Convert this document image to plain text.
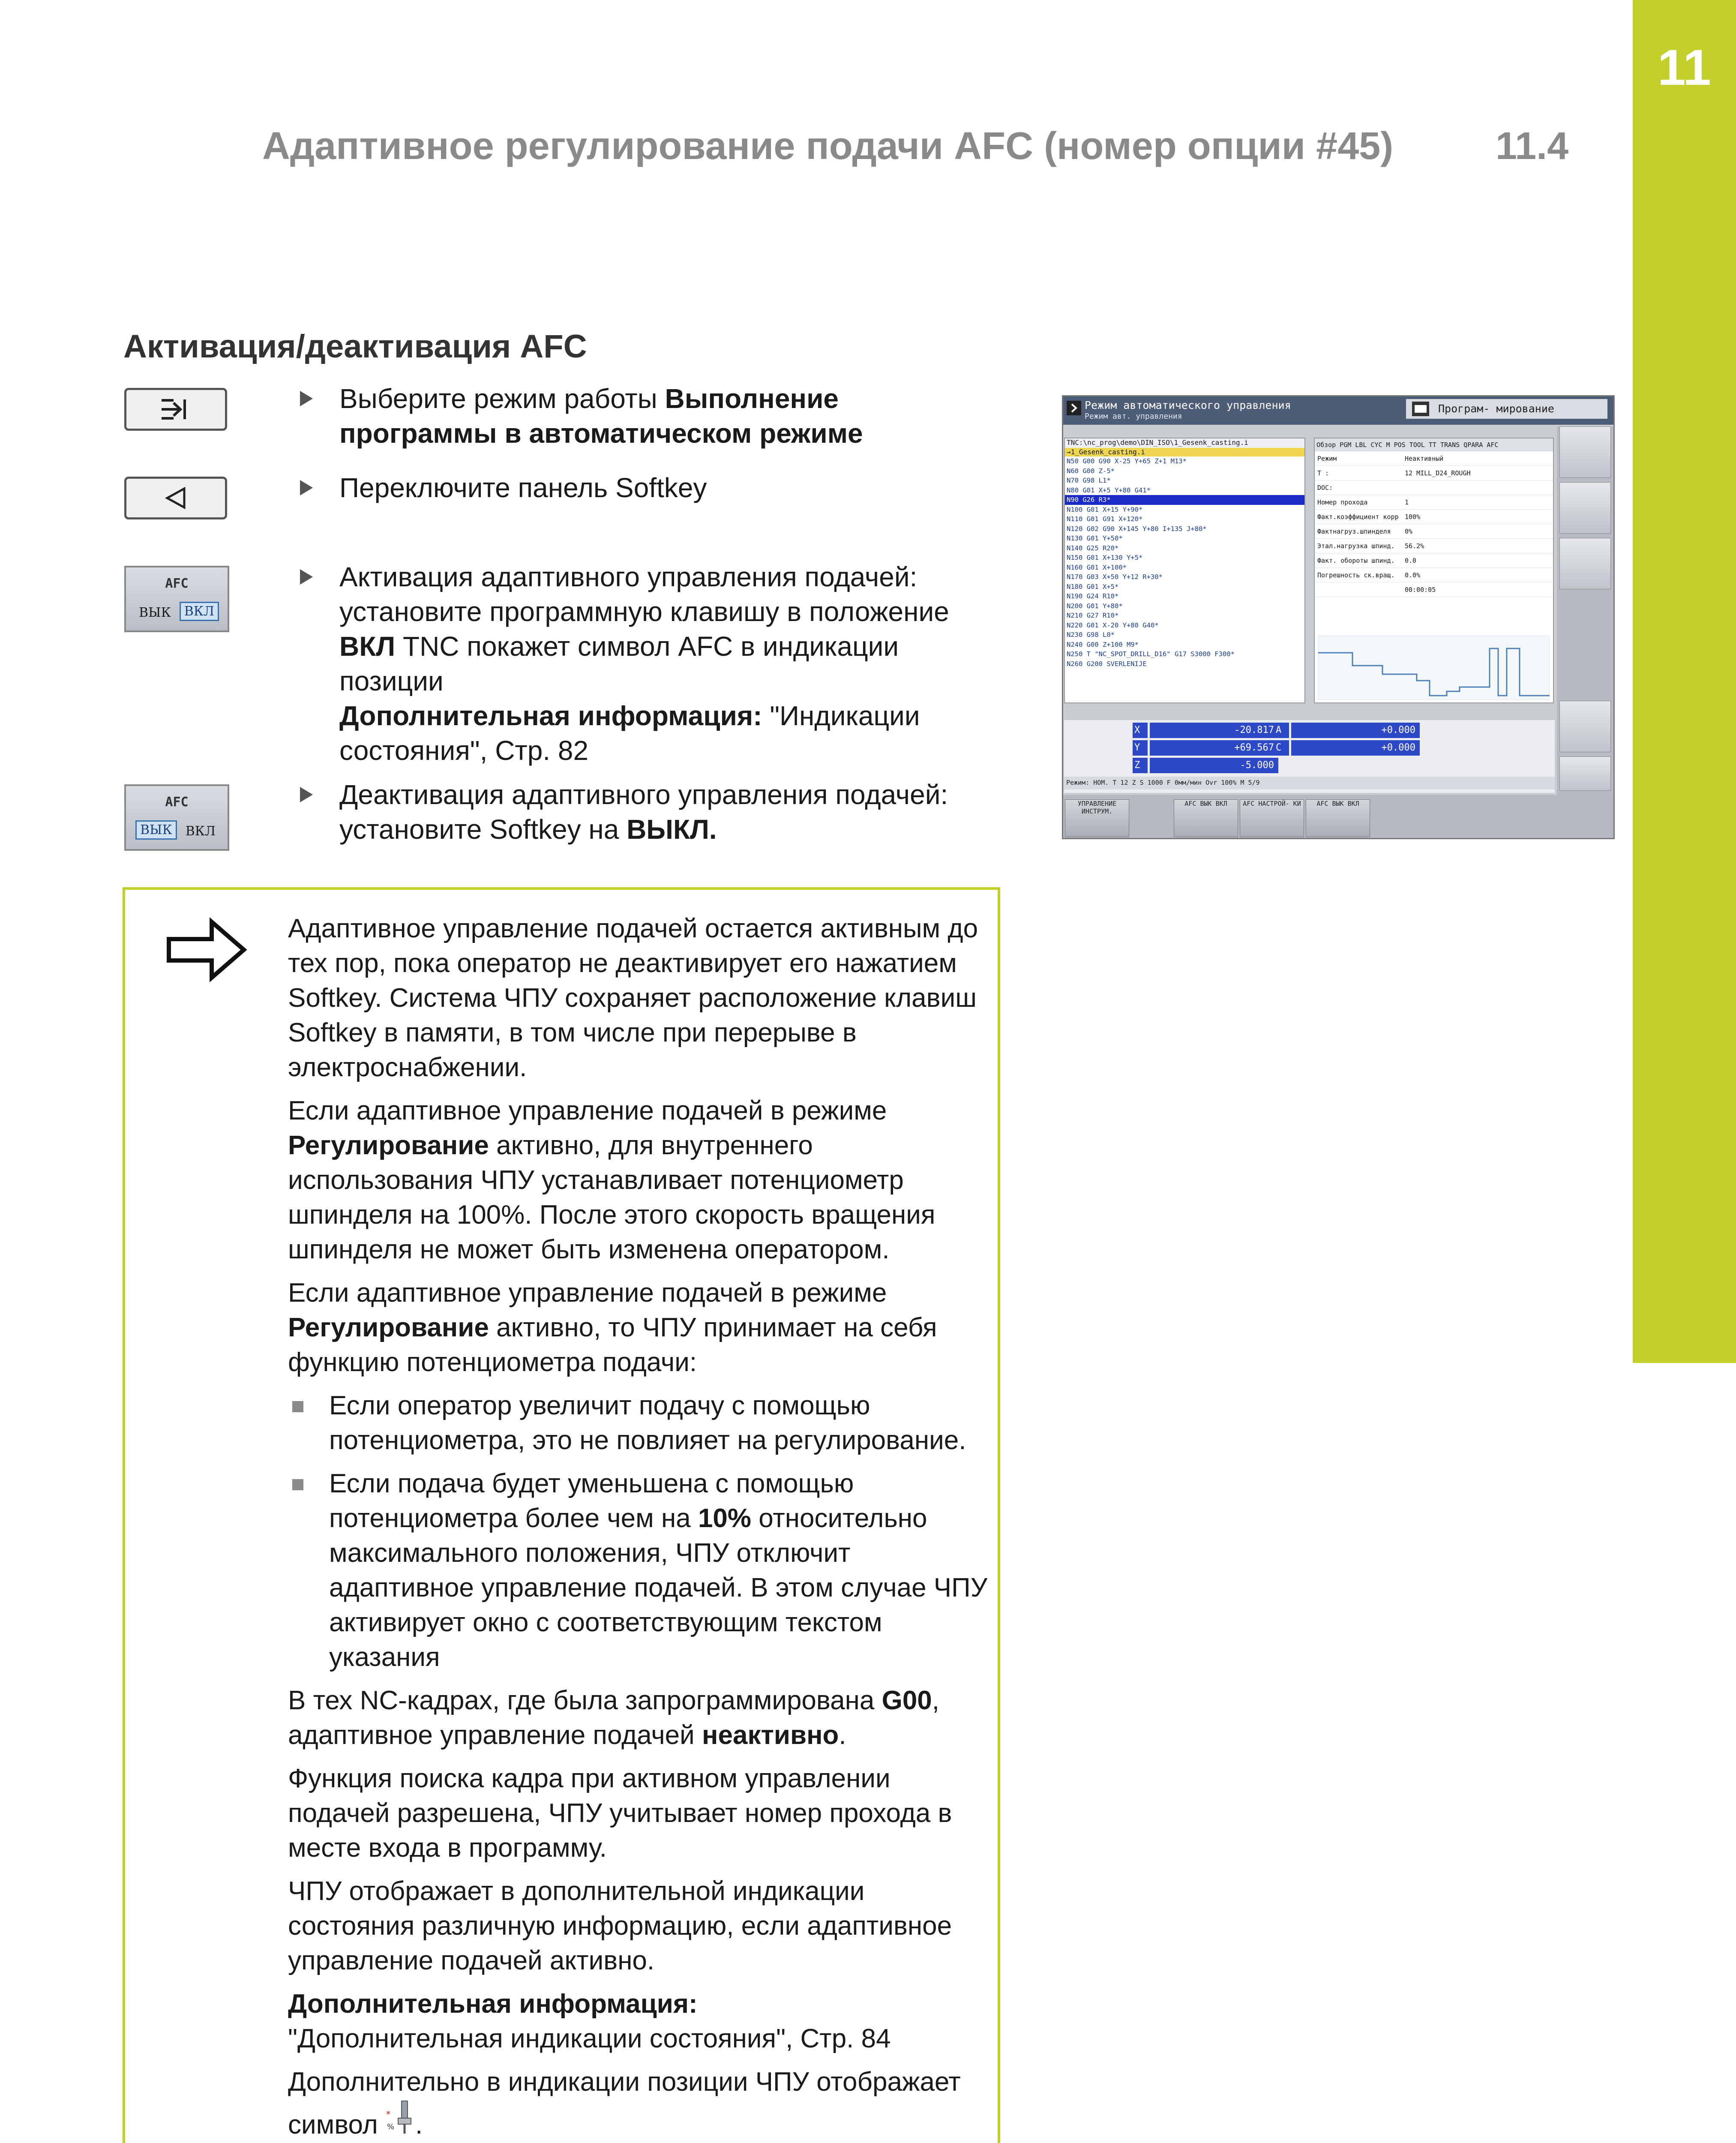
11
Адаптивное регулирование подачи AFC (номер опции #45)	11.4
Активация/деактивация AFC
AFC
ВЫК	ВКЛ
AFC
ВЫК	ВКЛ
Выберите режим работы Выполнение программы в автоматическом режиме
Переключите панель Softkey
Активация адаптивного управления подачей: установите программную клавишу в положение ВКЛ TNC покажет символ AFC в индикации позиции
Дополнительная информация: "Индикации состояния", Стр. 82
Деактивация адаптивного управления подачей: установите Softkey на ВЫКЛ.
Режим автоматического управления
Режим авт. управления
Програм- мирование
TNC:\nc_prog\demo\DIN_ISO\1_Gesenk_casting.i
→1_Gesenk_casting.i
N50 G00 G90 X-25 Y+65 Z+1 M13*
N60 G00 Z-5*
N70 G98 L1*
N80 G01 X+5 Y+80 G41*
N90 G26 R3*
N100 G01 X+15 Y+90*
N110 G01 G91 X+120*
N120 G02 G90 X+145 Y+80 I+135 J+80*
N130 G01 Y+50*
N140 G25 R20*
N150 G01 X+130 Y+5*
N160 G01 X+100*
N170 G03 X+50 Y+12 R+30*
N180 G01 X+5*
N190 G24 R10*
N200 G01 Y+80*
N210 G27 R10*
N220 G01 X-20 Y+80 G40*
N230 G98 L0*
N240 G00 Z+100 M9*
N250 T "NC_SPOT_DRILL_D16" G17 S3000 F300*
N260 G200 SVERLENIJE
Обзор PGM LBL CYC M POS TOOL TT TRANS QPARA AFC
Режим	Неактивный
T :	12 MILL_D24_ROUGH
DOC:
Номер прохода	1
Факт.коэффициент корр 100%
Фактнагруз.шпинделя 0%
Этал.нагрузка шпинд. 56.2%
Факт. обороты шпинд. 0.0
Погрешность ск.вращ. 0.0%
00:00:05
X	-20.817 A	+0.000
Y	+69.567 C	+0.000
Z	-5.000
Режим: НОМ. T 12 Z S 1000 F 0мм/мин Ovr 100% M 5/9
УПРАВЛЕНИЕ ИНСТРУМ.
AFC ВЫК ВКЛ	AFC НАСТРОЙ- КИ	AFC ВЫК ВКЛ

Адаптивное управление подачей остается активным до тех пор, пока оператор не деактивирует его нажатием Softkey. Система ЧПУ сохраняет расположение клавиш Softkey в памяти, в том числе при перерыве в электроснабжении.

Если адаптивное управление подачей в режиме Регулирование активно, для внутреннего использования ЧПУ устанавливает потенциометр шпинделя на 100%. После этого скорость вращения шпинделя не может быть изменена оператором.

Если адаптивное управление подачей в режиме Регулирование активно, то ЧПУ принимает на себя функцию потенциометра подачи:

Если оператор увеличит подачу с помощью потенциометра, это не повлияет на регулирование.
Если подача будет уменьшена с помощью потенциометра более чем на 10% относительно максимального положения, ЧПУ отключит адаптивное управление подачей. В этом случае ЧПУ активирует окно с соответствующим текстом указания

В тех NC-кадрах, где была запрограммирована G00, адаптивное управление подачей неактивно.

Функция поиска кадра при активном управлении подачей разрешена, ЧПУ учитывает номер прохода в месте входа в программу.

ЧПУ отображает в дополнительной индикации состояния различную информацию, если адаптивное управление подачей активно.

Дополнительная информация:
"Дополнительная индикации состояния", Стр. 84

Дополнительно в индикации позиции ЧПУ отображает символ *
% .
